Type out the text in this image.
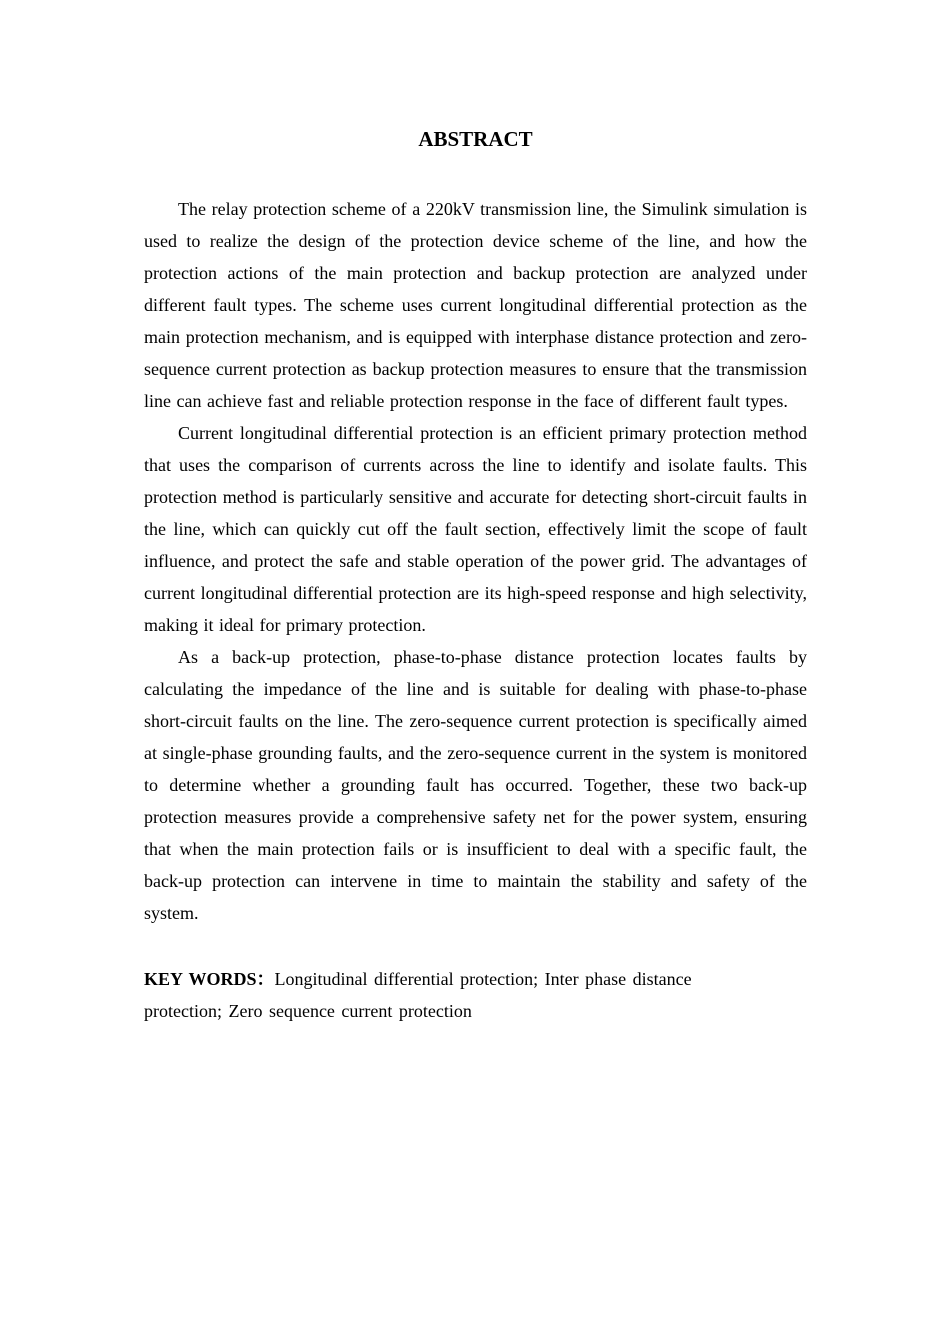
ABSTRACT

The relay protection scheme of a 220kV transmission line, the Simulink simulation is used to realize the design of the protection device scheme of the line, and how the protection actions of the main protection and backup protection are analyzed under different fault types. The scheme uses current longitudinal differential protection as the main protection mechanism, and is equipped with interphase distance protection and zero-sequence current protection as backup protection measures to ensure that the transmission line can achieve fast and reliable protection response in the face of different fault types.

Current longitudinal differential protection is an efficient primary protection method that uses the comparison of currents across the line to identify and isolate faults. This protection method is particularly sensitive and accurate for detecting short-circuit faults in the line, which can quickly cut off the fault section, effectively limit the scope of fault influence, and protect the safe and stable operation of the power grid. The advantages of current longitudinal differential protection are its high-speed response and high selectivity, making it ideal for primary protection.

As a back-up protection, phase-to-phase distance protection locates faults by calculating the impedance of the line and is suitable for dealing with phase-to-phase short-circuit faults on the line. The zero-sequence current protection is specifically aimed at single-phase grounding faults, and the zero-sequence current in the system is monitored to determine whether a grounding fault has occurred. Together, these two back-up protection measures provide a comprehensive safety net for the power system, ensuring that when the main protection fails or is insufficient to deal with a specific fault, the back-up protection can intervene in time to maintain the stability and safety of the system.

KEY WORDS：Longitudinal differential protection; Inter phase distance protection; Zero sequence current protection
